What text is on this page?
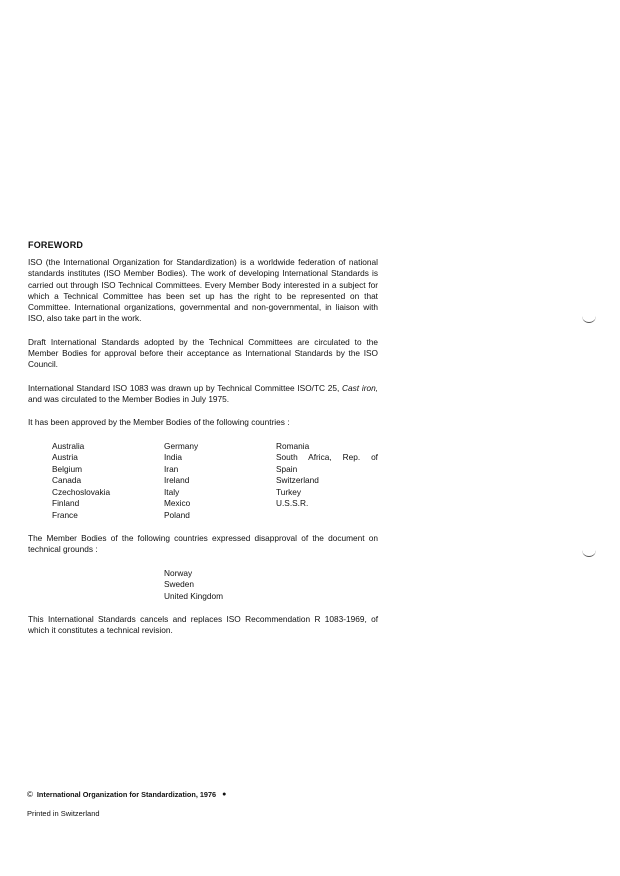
FOREWORD

ISO (the International Organization for Standardization) is a worldwide federation of national standards institutes (ISO Member Bodies). The work of developing International Standards is carried out through ISO Technical Committees. Every Member Body interested in a subject for which a Technical Committee has been set up has the right to be represented on that Committee. International organizations, governmental and non-governmental, in liaison with ISO, also take part in the work.

Draft International Standards adopted by the Technical Committees are circulated to the Member Bodies for approval before their acceptance as International Standards by the ISO Council.

International Standard ISO 1083 was drawn up by Technical Committee ISO/TC 25, Cast iron, and was circulated to the Member Bodies in July 1975.

It has been approved by the Member Bodies of the following countries :

Australia
Austria
Belgium
Canada
Czechoslovakia
Finland
France
Germany
India
Iran
Ireland
Italy
Mexico
Poland
Romania
South Africa, Rep. of
Spain
Switzerland
Turkey
U.S.S.R.

The Member Bodies of the following countries expressed disapproval of the document on technical grounds :

Norway
Sweden
United Kingdom

This International Standards cancels and replaces ISO Recommendation R 1083-1969, of which it constitutes a technical revision.

© International Organization for Standardization, 1976 ●
Printed in Switzerland
